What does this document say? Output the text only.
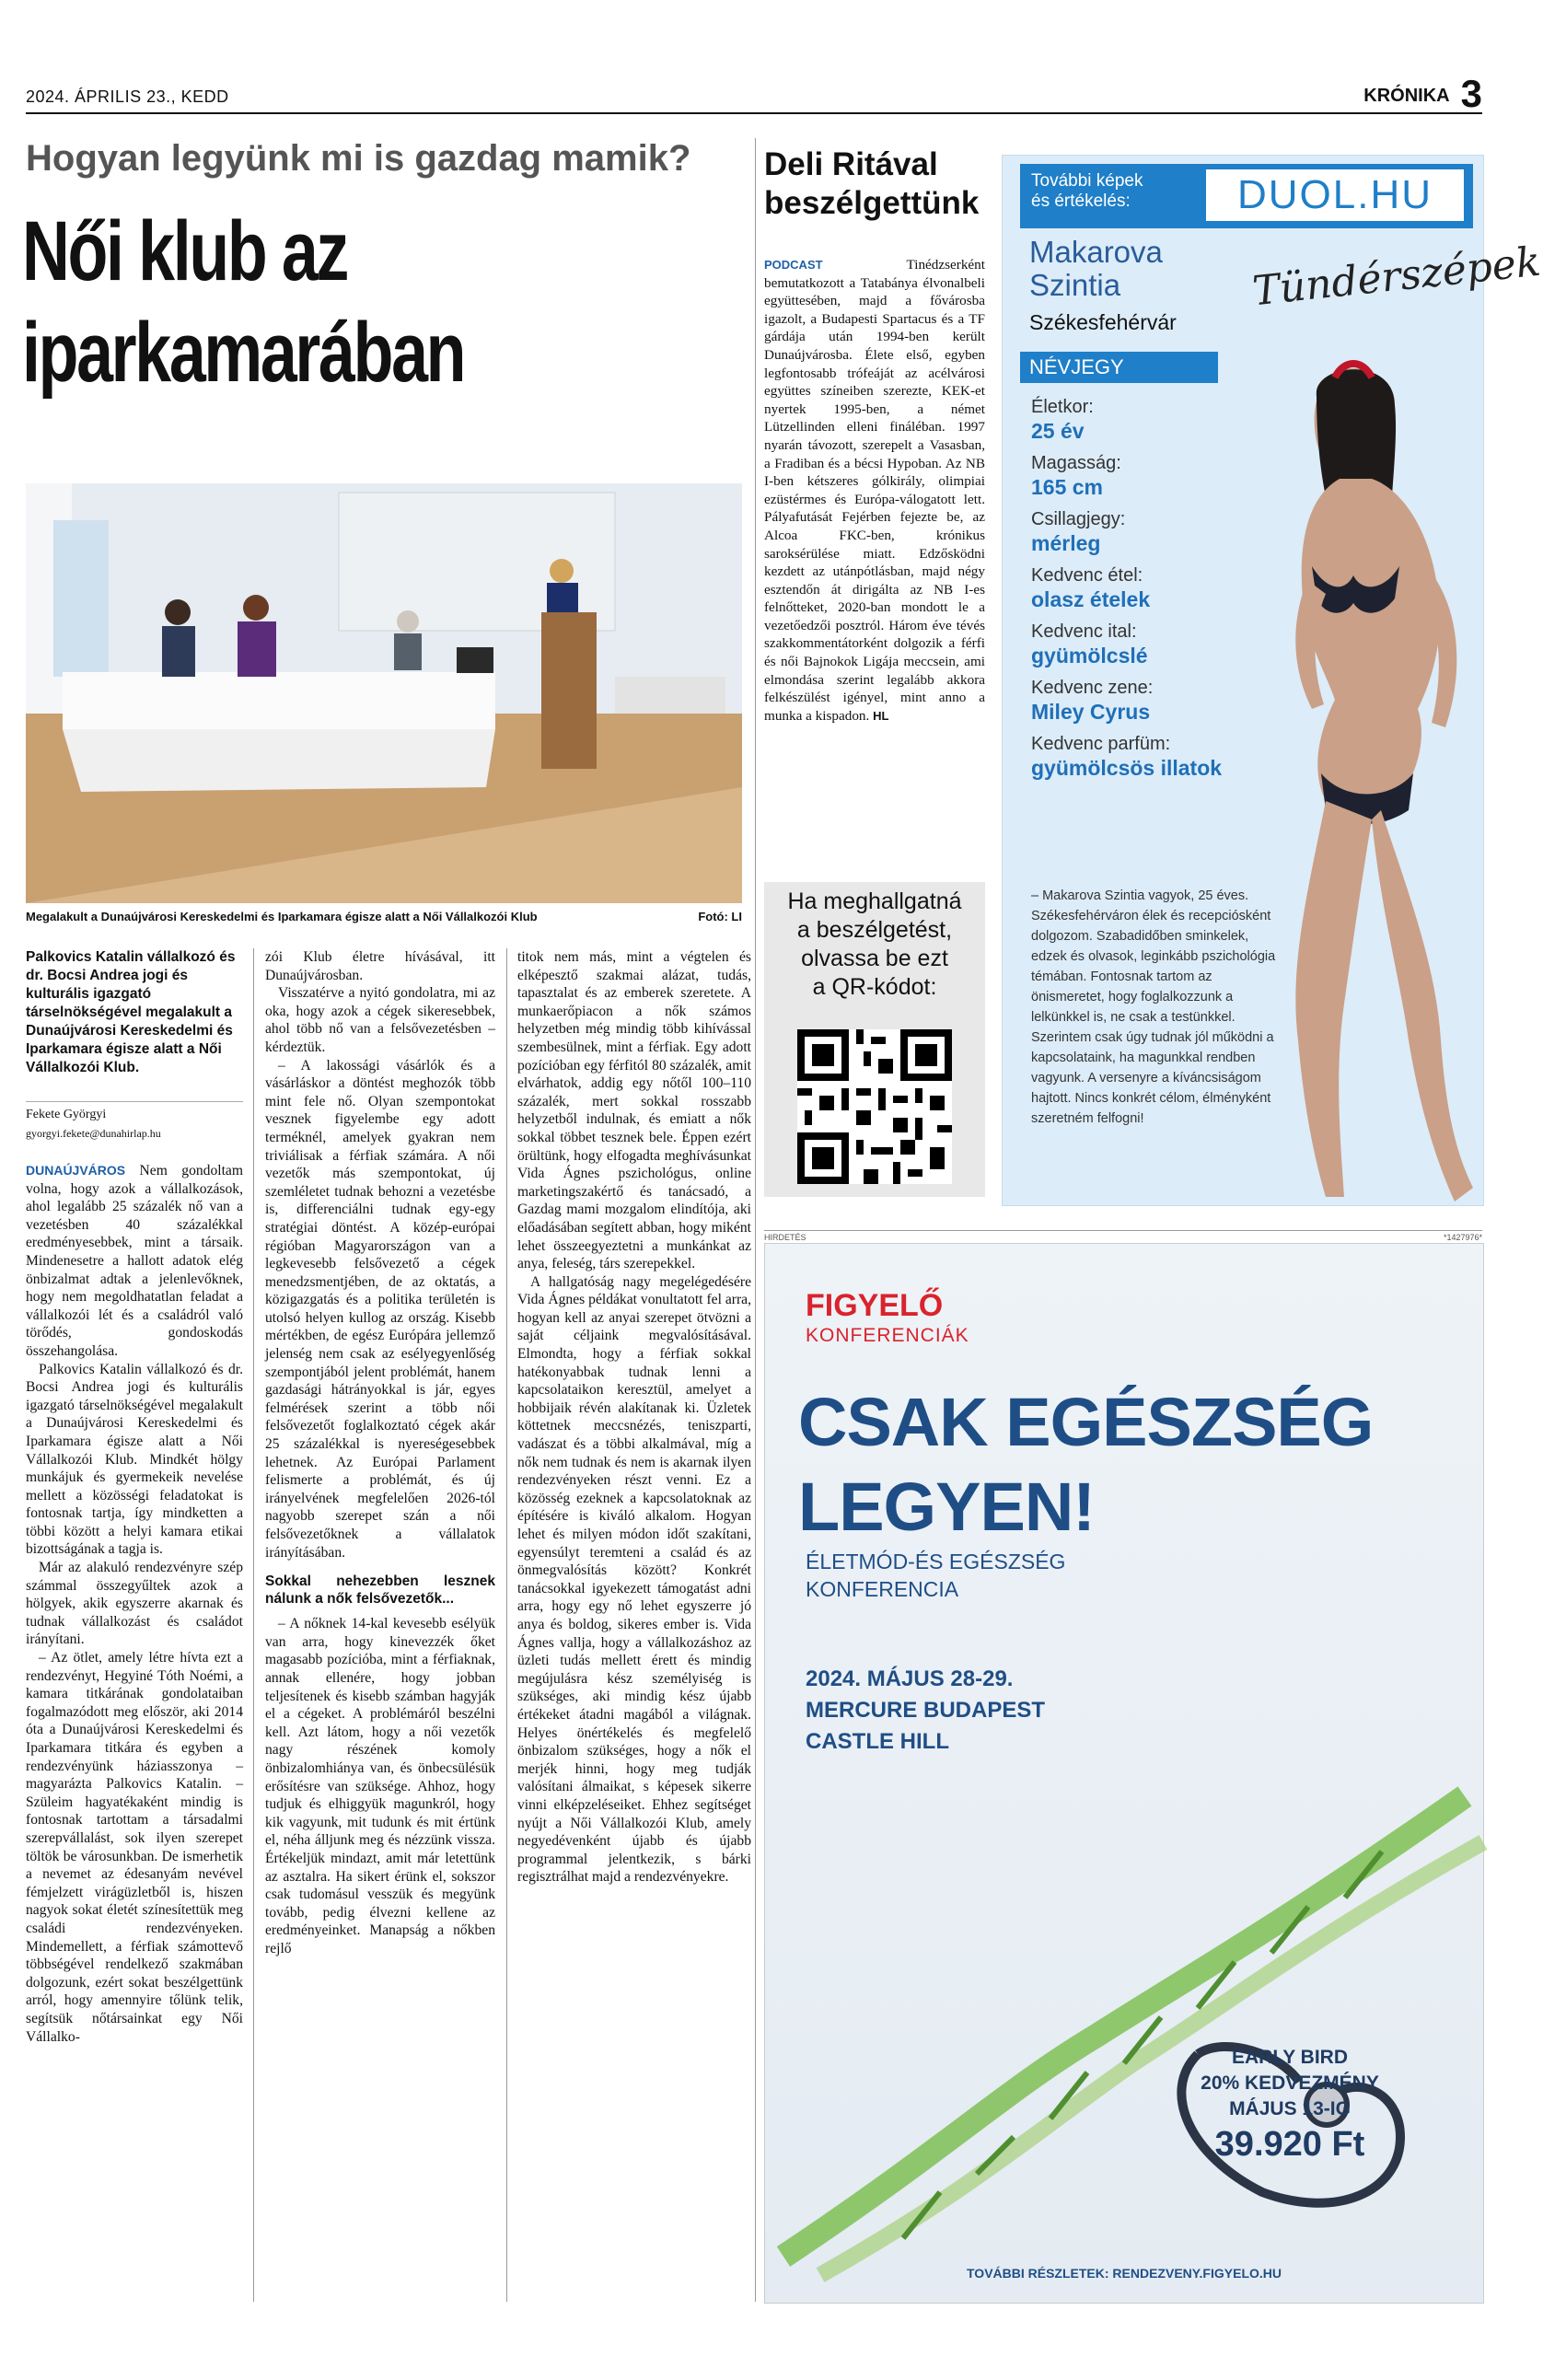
2024. ÁPRILIS 23., KEDD	KRÓNIKA 3
Hogyan legyünk mi is gazdag mamik?
Női klub az
iparkamarában
Megalakult a Dunaújvárosi Kereskedelmi és Iparkamara égisze alatt a Női Vállalkozói Klub	Fotó: LI
Palkovics Katalin vállalkozó és dr. Bocsi Andrea jogi és kulturális igazgató társelnökségével megalakult a Dunaújvárosi Kereskedelmi és Iparkamara égisze alatt a Női Vállalkozói Klub.
Fekete Györgyi
gyorgyi.fekete@dunahirlap.hu

DUNAÚJVÁROS Nem gondoltam volna, hogy azok a vállalkozások, ahol legalább 25 százalék nő van a vezetésben 40 százalékkal eredményesebbek, mint a társaik. Mindenesetre a hallott adatok elég önbizalmat adtak a jelenlevőknek, hogy nem megoldhatatlan feladat a vállalkozói lét és a családról való törődés, gondoskodás összehangolása.

Palkovics Katalin vállalkozó és dr. Bocsi Andrea jogi és kulturális igazgató társelnökségével megalakult a Dunaújvárosi Kereskedelmi és Iparkamara égisze alatt a Női Vállalkozói Klub. Mindkét hölgy munkájuk és gyermekeik nevelése mellett a közösségi feladatokat is fontosnak tartja, így mindketten a többi között a helyi kamara etikai bizottságának a tagja is.

Már az alakuló rendezvényre szép számmal összegyűltek azok a hölgyek, akik egyszerre akarnak és tudnak vállalkozást és családot irányítani.

– Az ötlet, amely létre hívta ezt a rendezvényt, Hegyiné Tóth Noémi, a kamara titkárának gondolataiban fogalmazódott meg először, aki 2014 óta a Dunaújvárosi Kereskedelmi és Iparkamara titkára és egyben a rendezvényünk háziasszonya – magyarázta Palkovics Katalin. – Szüleim hagyatékaként mindig is fontosnak tartottam a társadalmi szerepvállalást, sok ilyen szerepet töltök be városunkban. De ismerhetik a nevemet az édesanyám nevével fémjelzett virágüzletből is, hiszen nagyok sokat életét színesítettük meg családi rendezvényeken. Mindemellett, a férfiak számottevő többségével rendelkező szakmában dolgozunk, ezért sokat beszélgettünk arról, hogy amennyire tőlünk telik, segítsük nőtársainkat egy Női Vállalko-

zói Klub életre hívásával, itt Dunaújvárosban.

Visszatérve a nyitó gondolatra, mi az oka, hogy azok a cégek sikeresebbek, ahol több nő van a felsővezetésben – kérdeztük.

– A lakossági vásárlók és a vásárláskor a döntést meghozók több mint fele nő. Olyan szempontokat vesznek figyelembe egy adott terméknél, amelyek gyakran nem triviálisak a férfiak számára. A női vezetők más szempontokat, új szemléletet tudnak behozni a vezetésbe is, differenciálni tudnak egy-egy stratégiai döntést. A közép-európai régióban Magyarországon van a legkevesebb felsővezető a cégek menedzsmentjében, de az oktatás, a közigazgatás és a politika területén is utolsó helyen kullog az ország. Kisebb mértékben, de egész Európára jellemző jelenség nem csak az esélyegyenlőség szempontjából jelent problémát, hanem gazdasági hátrányokkal is jár, egyes felmérések szerint a több női felsővezetőt foglalkoztató cégek akár 25 százalékkal is nyereségesebbek lehetnek. Az Európai Parlament felismerte a problémát, és új irányelvének megfelelően 2026-tól nagyobb szerepet szán a női felsővezetőknek a vállalatok irányításában.

Sokkal nehezebben lesznek nálunk a nők felsővezetők...

– A nőknek 14-kal kevesebb esélyük van arra, hogy kinevezzék őket magasabb pozícióba, mint a férfiaknak, annak ellenére, hogy jobban teljesítenek és kisebb számban hagyják el a cégeket. A problémáról beszélni kell. Azt látom, hogy a női vezetők nagy részének komoly önbizalomhiánya van, és önbecsülésük erősítésre van szüksége. Ahhoz, hogy tudjuk és elhiggyük magunkról, hogy kik vagyunk, mit tudunk és mit értünk el, néha álljunk meg és nézzünk vissza. Értékeljük mindazt, amit már letettünk az asztalra. Ha sikert érünk el, sokszor csak tudomásul vesszük és megyünk tovább, pedig élvezni kellene az eredményeinket. Manapság a nőkben rejlő

titok nem más, mint a végtelen és elképesztő szakmai alázat, tudás, tapasztalat és az emberek szeretete. A munkaerőpiacon a nők számos helyzetben még mindig több kihívással szembesülnek, mint a férfiak. Egy adott pozícióban egy férfitól 80 százalék, amit elvárhatok, addig egy nőtől 100–110 százalék, mert sokkal rosszabb helyzetből indulnak, és emiatt a nők sokkal többet tesznek bele. Éppen ezért örültünk, hogy elfogadta meghívásunkat Vida Ágnes pszichológus, online marketingszakértő és tanácsadó, a Gazdag mami mozgalom elindítója, aki előadásában segített abban, hogy miként lehet összeegyeztetni a munkánkat az anya, feleség, társ szerepekkel.

A hallgatóság nagy megelégedésére Vida Ágnes példákat vonultatott fel arra, hogyan kell az anyai szerepet ötvözni a saját céljaink megvalósításával. Elmondta, hogy a férfiak sokkal hatékonyabbak tudnak lenni a kapcsolataikon keresztül, amelyet a hobbijaik révén alakítanak ki. Üzletek köttetnek meccsnézés, teniszparti, vadászat és a többi alkalmával, míg a nők nem tudnak és nem is akarnak ilyen rendezvényeken részt venni. Ez a közösség ezeknek a kapcsolatoknak az építésére is kiváló alkalom. Hogyan lehet és milyen módon időt szakítani, egyensúlyt teremteni a család és az önmegvalósítás között? Konkrét tanácsokkal igyekezett támogatást adni arra, hogy egy nő lehet egyszerre jó anya és boldog, sikeres ember is. Vida Ágnes vallja, hogy a vállalkozáshoz az üzleti tudás mellett érett és mindig megújulásra kész személyiség is szükséges, aki mindig kész újabb értékeket átadni magából a világnak. Helyes önértékelés és megfelelő önbizalom szükséges, hogy a nők el merjék hinni, hogy meg tudják valósítani álmaikat, s képesek sikerre vinni elképzeléseiket. Ehhez segítséget nyújt a Női Vállalkozói Klub, amely negyedévenként újabb és újabb programmal jelentkezik, s bárki regisztrálhat majd a rendezvényekre.

Deli Ritával
beszélgettünk

PODCAST	Tinédzserként bemutatkozott a Tatabánya élvonalbeli együttesében, majd a fővárosba igazolt, a Budapesti Spartacus és a TF gárdája után 1994-ben került Dunaújvárosba. Élete első, egyben legfontosabb trófeáját az acélvárosi együttes színeiben szerezte, KEK-et nyertek 1995-ben, a német Lützellinden elleni fináléban. 1997 nyarán távozott, szerepelt a Vasasban, a Fradiban és a bécsi Hypoban. Az NB I-ben kétszeres gólkirály, olimpiai ezüstérmes és Európa-válogatott lett. Pályafutását Fejérben fejezte be, az Alcoa FKC-ben, krónikus saroksérülése miatt. Edzősködni kezdett az utánpótlásban, majd négy esztendőn át dirigálta az NB I-es felnőtteket, 2020-ban mondott le a vezetőedzői posztról. Három éve tévés szakkommentátorként dolgozik a férfi és női Bajnokok Ligája meccsein, ami elmondása szerint legalább akkora felkészülést igényel, mint anno a munka a kispadon. HL

Ha meghallgatná
a beszélgetést,
olvassa be ezt
a QR-kódot:
További képek
és értékelés:	DUOL.HU
Makarova
Szintia
Székesfehérvár
Tündérszépek
NÉVJEGY
Életkor:
25 év
Magasság:
165 cm
Csillagjegy:
mérleg
Kedvenc étel:
olasz ételek
Kedvenc ital:
gyümölcslé
Kedvenc zene:
Miley Cyrus
Kedvenc parfüm:
gyümölcsös illatok
– Makarova Szintia vagyok, 25 éves. Székesfehérváron élek és recepciósként dolgozom. Szabadidőben sminkelek, edzek és olvasok, leginkább pszichológia témában. Fontosnak tartom az önismeretet, hogy foglalkozzunk a lelkünkkel is, ne csak a testünkkel. Szerintem csak úgy tudnak jól működni a kapcsolataink, ha magunkkal rendben vagyunk. A versenyre a kíváncsiságom hajtott. Nincs konkrét célom, élményként szeretném felfogni!
HIRDETÉS	*1427976*
FIGYELŐ
KONFERENCIÁK
CSAK EGÉSZSÉG
LEGYEN!
ÉLETMÓD-ÉS EGÉSZSÉG
KONFERENCIA
2024. MÁJUS 28-29.
MERCURE BUDAPEST
CASTLE HILL
EARLY BIRD
20% KEDVEZMÉNY
MÁJUS 13-IG
39.920 Ft
TOVÁBBI RÉSZLETEK: RENDEZVENY.FIGYELO.HU
